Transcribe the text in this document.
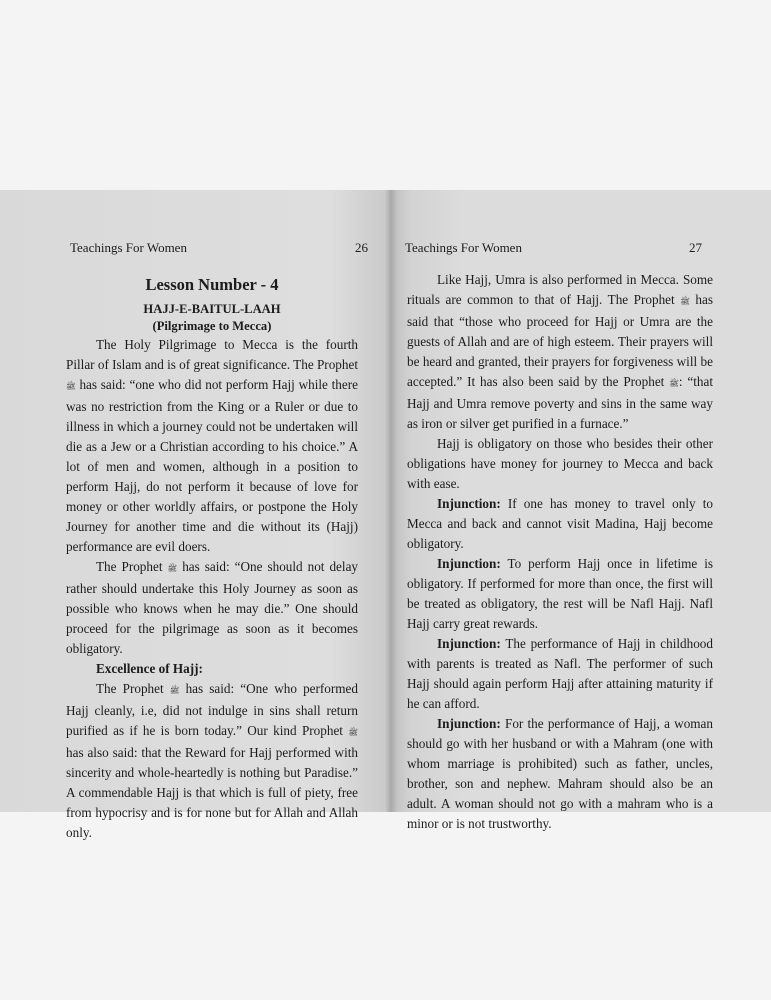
Teachings For Women	26
Lesson Number - 4
HAJJ-E-BAITUL-LAAH
(Pilgrimage to Mecca)

The Holy Pilgrimage to Mecca is the fourth Pillar of Islam and is of great significance. The Prophet ﷺ has said: “one who did not perform Hajj while there was no restriction from the King or a Ruler or due to illness in which a journey could not be undertaken will die as a Jew or a Christian according to his choice.” A lot of men and women, although in a position to perform Hajj, do not perform it because of love for money or other worldly affairs, or postpone the Holy Journey for another time and die without its (Hajj) performance are evil doers.

The Prophet ﷺ has said: “One should not delay rather should undertake this Holy Journey as soon as possible who knows when he may die.” One should proceed for the pilgrimage as soon as it becomes obligatory.

Excellence of Hajj:

The Prophet ﷺ has said: “One who performed Hajj cleanly, i.e, did not indulge in sins shall return purified as if he is born today.” Our kind Prophet ﷺ has also said: that the Reward for Hajj performed with sincerity and whole-heartedly is nothing but Paradise.” A commendable Hajj is that which is full of piety, free from hypocrisy and is for none but for Allah and Allah only.

Teachings For Women	27

Like Hajj, Umra is also performed in Mecca. Some rituals are common to that of Hajj. The Prophet ﷺ has said that “those who proceed for Hajj or Umra are the guests of Allah and are of high esteem. Their prayers will be heard and granted, their prayers for forgiveness will be accepted.” It has also been said by the Prophet ﷺ: “that Hajj and Umra remove poverty and sins in the same way as iron or silver get purified in a furnace.”

Hajj is obligatory on those who besides their other obligations have money for journey to Mecca and back with ease.

Injunction: If one has money to travel only to Mecca and back and cannot visit Madina, Hajj become obligatory.

Injunction: To perform Hajj once in lifetime is obligatory. If performed for more than once, the first will be treated as obligatory, the rest will be Nafl Hajj. Nafl Hajj carry great rewards.

Injunction: The performance of Hajj in childhood with parents is treated as Nafl. The performer of such Hajj should again perform Hajj after attaining maturity if he can afford.

Injunction: For the performance of Hajj, a woman should go with her husband or with a Mahram (one with whom marriage is prohibited) such as father, uncles, brother, son and nephew. Mahram should also be an adult. A woman should not go with a mahram who is a minor or is not trustworthy.
